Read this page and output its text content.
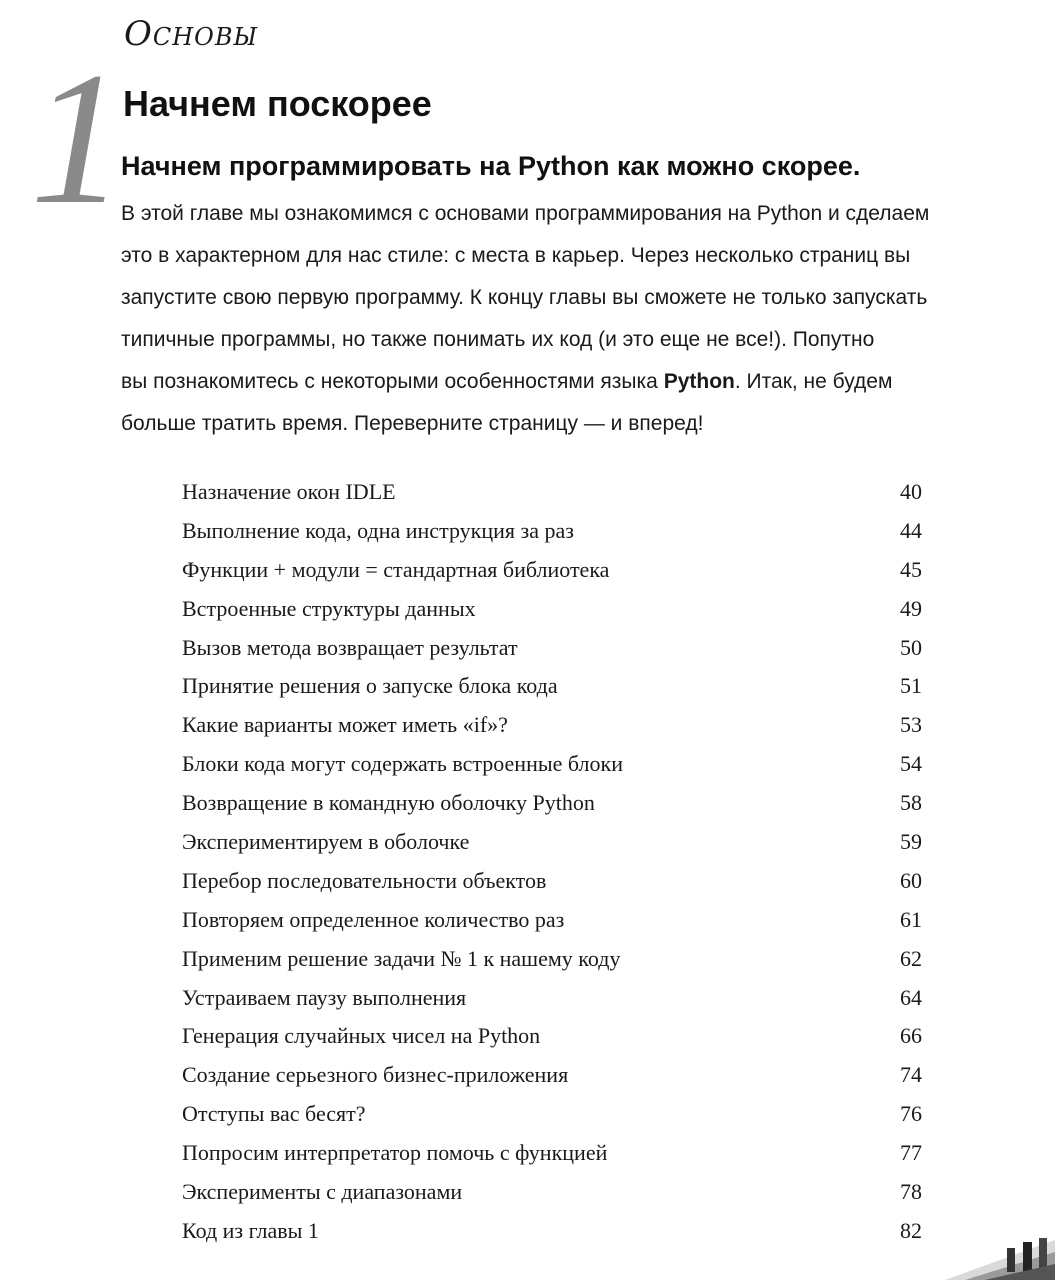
Основы
1
Начнем поскорее
Начнем программировать на Python как можно скорее.
В этой главе мы ознакомимся с основами программирования на Python и сделаем
это в характерном для нас стиле: с места в карьер. Через несколько страниц вы
запустите свою первую программу. К концу главы вы сможете не только запускать
типичные программы, но также понимать их код (и это еще не все!). Попутно
вы познакомитесь с некоторыми особенностями языка Python. Итак, не будем
больше тратить время. Переверните страницу — и вперед!
Назначение окон IDLE	40
Выполнение кода, одна инструкция за раз	44
Функции + модули = стандартная библиотека	45
Встроенные структуры данных	49
Вызов метода возвращает результат	50
Принятие решения о запуске блока кода	51
Какие варианты может иметь «if»?	53
Блоки кода могут содержать встроенные блоки	54
Возвращение в командную оболочку Python	58
Экспериментируем в оболочке	59
Перебор последовательности объектов	60
Повторяем определенное количество раз	61
Применим решение задачи № 1 к нашему коду	62
Устраиваем паузу выполнения	64
Генерация случайных чисел на Python	66
Создание серьезного бизнес-приложения	74
Отступы вас бесят?	76
Попросим интерпретатор помочь с функцией	77
Эксперименты с диапазонами	78
Код из главы 1	82
